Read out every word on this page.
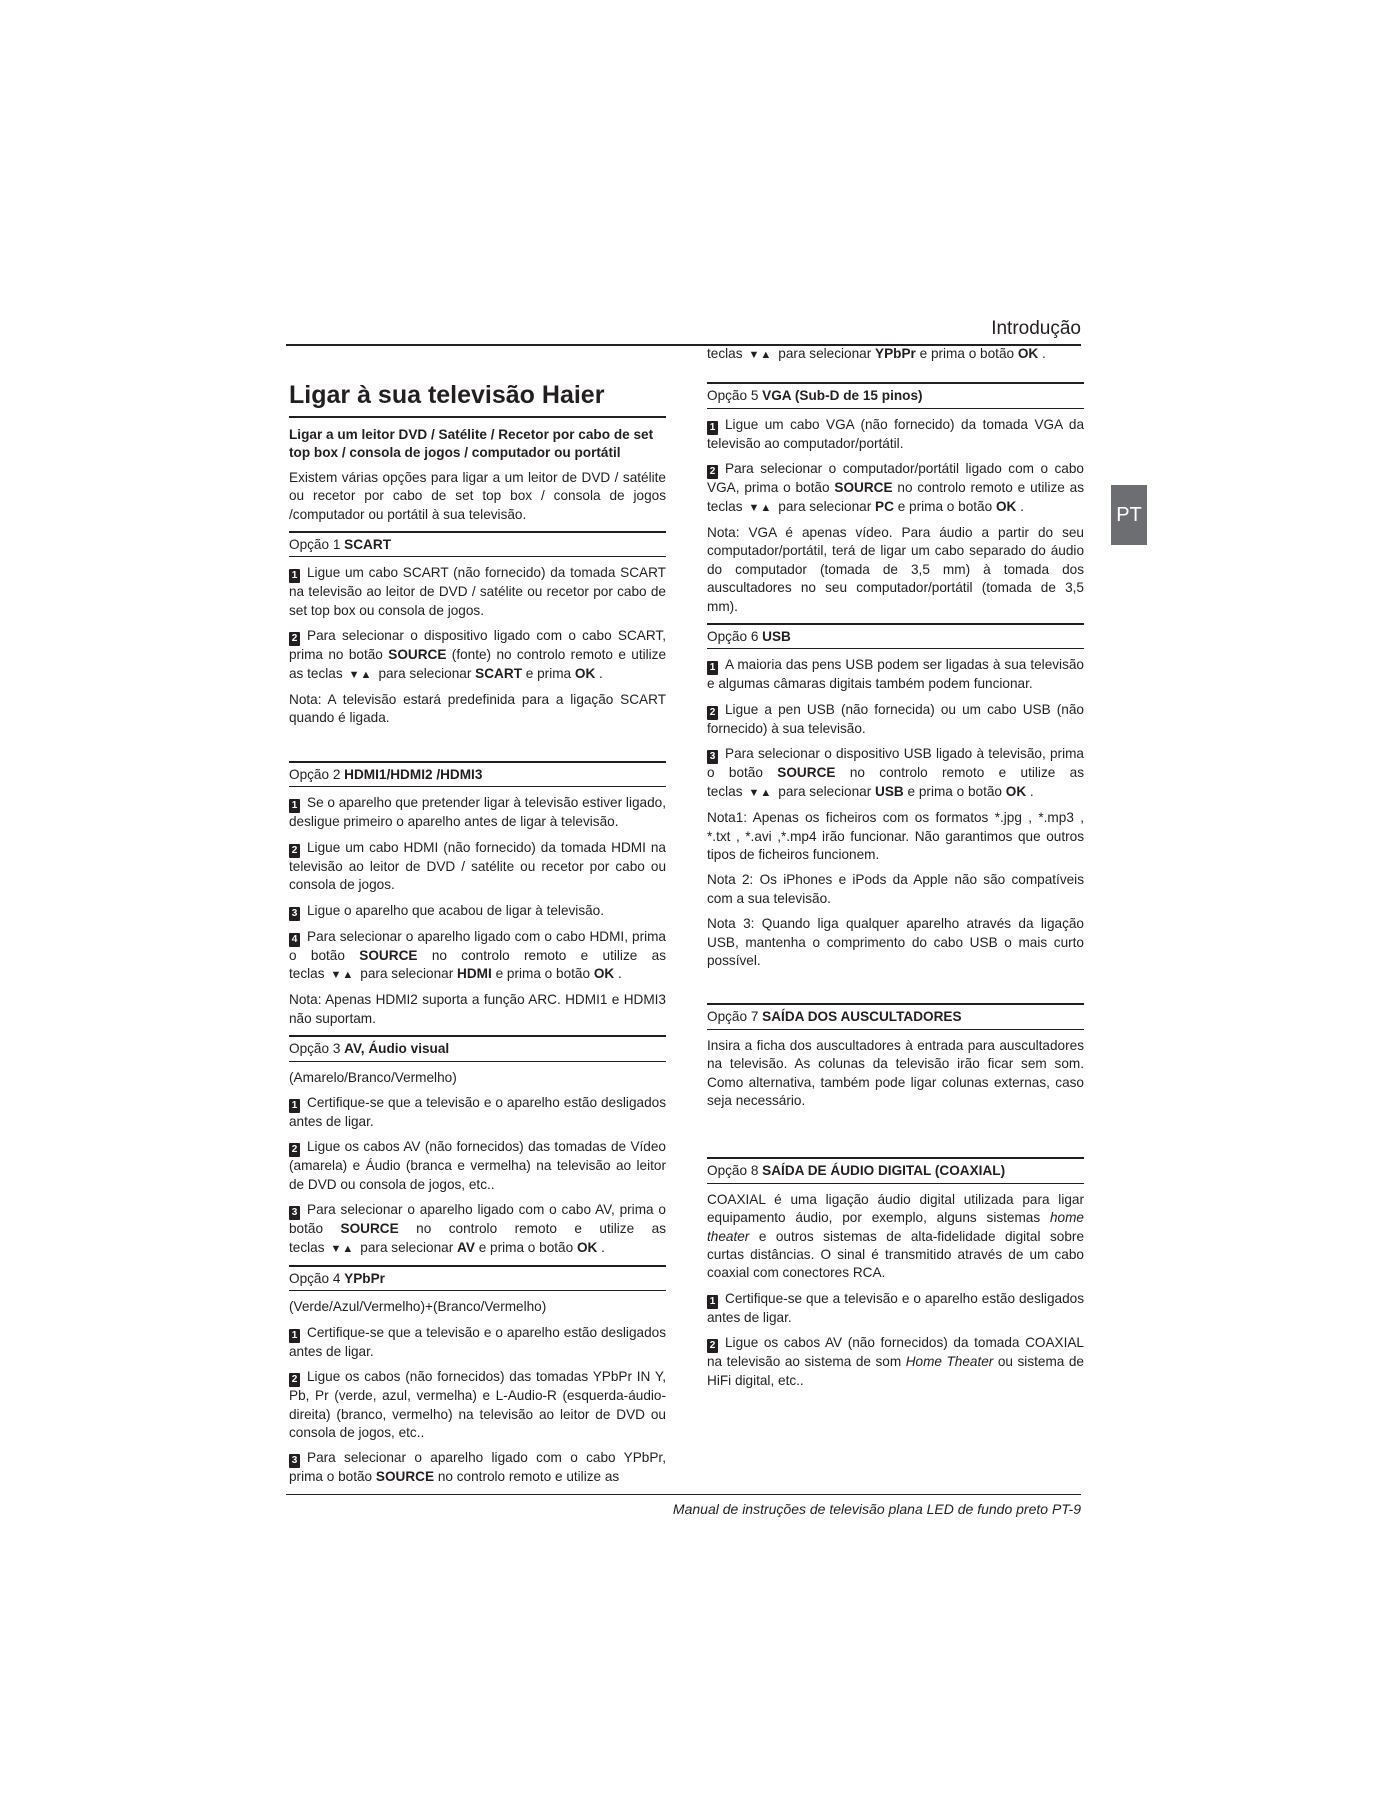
Introdução
PT
Ligar à sua televisão Haier
Ligar a um leitor DVD / Satélite / Recetor por cabo de set top box / consola de jogos / computador ou portátil

Existem várias opções para ligar a um leitor de DVD / satélite ou recetor por cabo de set top box / consola de jogos /computador ou portátil à sua televisão.

Opção 1 SCART

1 Ligue um cabo SCART (não fornecido) da tomada SCART na televisão ao leitor de DVD / satélite ou recetor por cabo de set top box ou consola de jogos.

2 Para selecionar o dispositivo ligado com o cabo SCART, prima no botão SOURCE (fonte) no controlo remoto e utilize as teclas ▼▲ para selecionar SCART e prima OK .

Nota: A televisão estará predefinida para a ligação SCART quando é ligada.

Opção 2 HDMI1/HDMI2 /HDMI3

1 Se o aparelho que pretender ligar à televisão estiver ligado, desligue primeiro o aparelho antes de ligar à televisão.

2 Ligue um cabo HDMI (não fornecido) da tomada HDMI na televisão ao leitor de DVD / satélite ou recetor por cabo ou consola de jogos.

3 Ligue o aparelho que acabou de ligar à televisão.

4 Para selecionar o aparelho ligado com o cabo HDMI, prima o botão SOURCE no controlo remoto e utilize as teclas ▼▲ para selecionar HDMI e prima o botão OK .

Nota: Apenas HDMI2 suporta a função ARC. HDMI1 e HDMI3 não suportam.

Opção 3 AV, Áudio visual

(Amarelo/Branco/Vermelho)

1 Certifique-se que a televisão e o aparelho estão desligados antes de ligar.

2 Ligue os cabos AV (não fornecidos) das tomadas de Vídeo (amarela) e Áudio (branca e vermelha) na televisão ao leitor de DVD ou consola de jogos, etc..

3 Para selecionar o aparelho ligado com o cabo AV, prima o botão SOURCE no controlo remoto e utilize as teclas ▼▲ para selecionar AV e prima o botão OK .

Opção 4 YPbPr

(Verde/Azul/Vermelho)+(Branco/Vermelho)

1 Certifique-se que a televisão e o aparelho estão desligados antes de ligar.

2 Ligue os cabos (não fornecidos) das tomadas YPbPr IN Y, Pb, Pr (verde, azul, vermelha) e L-Audio-R (esquerda-áudio-direita) (branco, vermelho) na televisão ao leitor de DVD ou consola de jogos, etc..

3 Para selecionar o aparelho ligado com o cabo YPbPr, prima o botão SOURCE no controlo remoto e utilize as

teclas ▼▲ para selecionar YPbPr e prima o botão OK .

Opção 5 VGA (Sub-D de 15 pinos)

1 Ligue um cabo VGA (não fornecido) da tomada VGA da televisão ao computador/portátil.

2 Para selecionar o computador/portátil ligado com o cabo VGA, prima o botão SOURCE no controlo remoto e utilize as teclas ▼▲ para selecionar PC e prima o botão OK .

Nota: VGA é apenas vídeo. Para áudio a partir do seu computador/portátil, terá de ligar um cabo separado do áudio do computador (tomada de 3,5 mm) à tomada dos auscultadores no seu computador/portátil (tomada de 3,5 mm).

Opção 6 USB

1 A maioria das pens USB podem ser ligadas à sua televisão e algumas câmaras digitais também podem funcionar.

2 Ligue a pen USB (não fornecida) ou um cabo USB (não fornecido) à sua televisão.

3 Para selecionar o dispositivo USB ligado à televisão, prima o botão SOURCE no controlo remoto e utilize as teclas ▼▲ para selecionar USB e prima o botão OK .

Nota1: Apenas os ficheiros com os formatos *.jpg , *.mp3 , *.txt , *.avi ,*.mp4 irão funcionar. Não garantimos que outros tipos de ficheiros funcionem.

Nota 2: Os iPhones e iPods da Apple não são compatíveis com a sua televisão.

Nota 3: Quando liga qualquer aparelho através da ligação USB, mantenha o comprimento do cabo USB o mais curto possível.

Opção 7 SAÍDA DOS AUSCULTADORES

Insira a ficha dos auscultadores à entrada para auscultadores na televisão. As colunas da televisão irão ficar sem som. Como alternativa, também pode ligar colunas externas, caso seja necessário.

Opção 8 SAÍDA DE ÁUDIO DIGITAL (COAXIAL)

COAXIAL é uma ligação áudio digital utilizada para ligar equipamento áudio, por exemplo, alguns sistemas home theater e outros sistemas de alta-fidelidade digital sobre curtas distâncias. O sinal é transmitido através de um cabo coaxial com conectores RCA.

1 Certifique-se que a televisão e o aparelho estão desligados antes de ligar.

2 Ligue os cabos AV (não fornecidos) da tomada COAXIAL na televisão ao sistema de som Home Theater ou sistema de HiFi digital, etc..

Manual de instruções de televisão plana LED de fundo preto PT-9
